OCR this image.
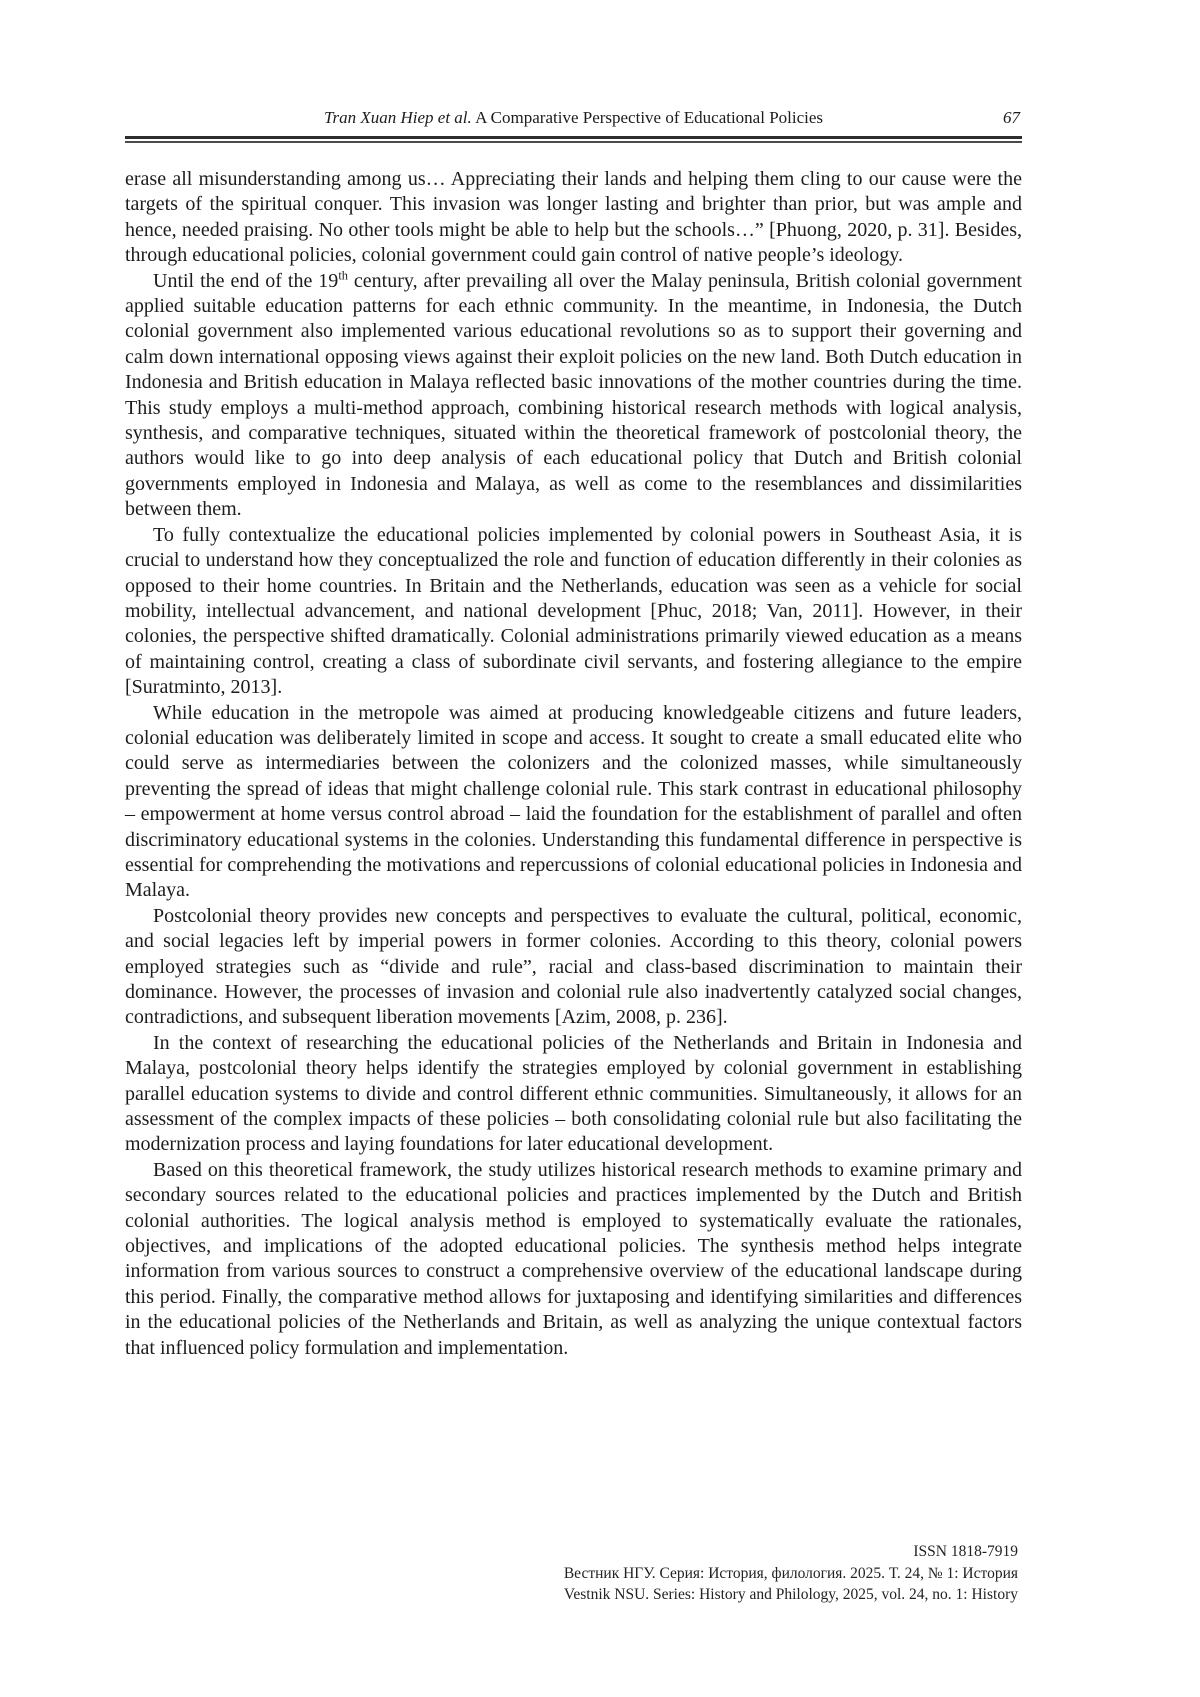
Tran Xuan Hiep et al. A Comparative Perspective of Educational Policies	67

erase all misunderstanding among us… Appreciating their lands and helping them cling to our cause were the targets of the spiritual conquer. This invasion was longer lasting and brighter than prior, but was ample and hence, needed praising. No other tools might be able to help but the schools…” [Phuong, 2020, p. 31]. Besides, through educational policies, colonial government could gain control of native people’s ideology.

Until the end of the 19th century, after prevailing all over the Malay peninsula, British colonial government applied suitable education patterns for each ethnic community. In the meantime, in Indonesia, the Dutch colonial government also implemented various educational revolutions so as to support their governing and calm down international opposing views against their exploit policies on the new land. Both Dutch education in Indonesia and British education in Malaya reflected basic innovations of the mother countries during the time. This study employs a multi-method approach, combining historical research methods with logical analysis, synthesis, and comparative techniques, situated within the theoretical framework of postcolonial theory, the authors would like to go into deep analysis of each educational policy that Dutch and British colonial governments employed in Indonesia and Malaya, as well as come to the resemblances and dissimilarities between them.

To fully contextualize the educational policies implemented by colonial powers in Southeast Asia, it is crucial to understand how they conceptualized the role and function of education differently in their colonies as opposed to their home countries. In Britain and the Netherlands, education was seen as a vehicle for social mobility, intellectual advancement, and national development [Phuc, 2018; Van, 2011]. However, in their colonies, the perspective shifted dramatically. Colonial administrations primarily viewed education as a means of maintaining control, creating a class of subordinate civil servants, and fostering allegiance to the empire [Suratminto, 2013].

While education in the metropole was aimed at producing knowledgeable citizens and future leaders, colonial education was deliberately limited in scope and access. It sought to create a small educated elite who could serve as intermediaries between the colonizers and the colonized masses, while simultaneously preventing the spread of ideas that might challenge colonial rule. This stark contrast in educational philosophy – empowerment at home versus control abroad – laid the foundation for the establishment of parallel and often discriminatory educational systems in the colonies. Understanding this fundamental difference in perspective is essential for comprehending the motivations and repercussions of colonial educational policies in Indonesia and Malaya.

Postcolonial theory provides new concepts and perspectives to evaluate the cultural, political, economic, and social legacies left by imperial powers in former colonies. According to this theory, colonial powers employed strategies such as “divide and rule”, racial and class-based discrimination to maintain their dominance. However, the processes of invasion and colonial rule also inadvertently catalyzed social changes, contradictions, and subsequent liberation movements [Azim, 2008, p. 236].

In the context of researching the educational policies of the Netherlands and Britain in Indonesia and Malaya, postcolonial theory helps identify the strategies employed by colonial government in establishing parallel education systems to divide and control different ethnic communities. Simultaneously, it allows for an assessment of the complex impacts of these policies – both consolidating colonial rule but also facilitating the modernization process and laying foundations for later educational development.

Based on this theoretical framework, the study utilizes historical research methods to examine primary and secondary sources related to the educational policies and practices implemented by the Dutch and British colonial authorities. The logical analysis method is employed to systematically evaluate the rationales, objectives, and implications of the adopted educational policies. The synthesis method helps integrate information from various sources to construct a comprehensive overview of the educational landscape during this period. Finally, the comparative method allows for juxtaposing and identifying similarities and differences in the educational policies of the Netherlands and Britain, as well as analyzing the unique contextual factors that influenced policy formulation and implementation.

ISSN 1818-7919
Вестник НГУ. Серия: История, филология. 2025. Т. 24, № 1: История
Vestnik NSU. Series: History and Philology, 2025, vol. 24, no. 1: History
